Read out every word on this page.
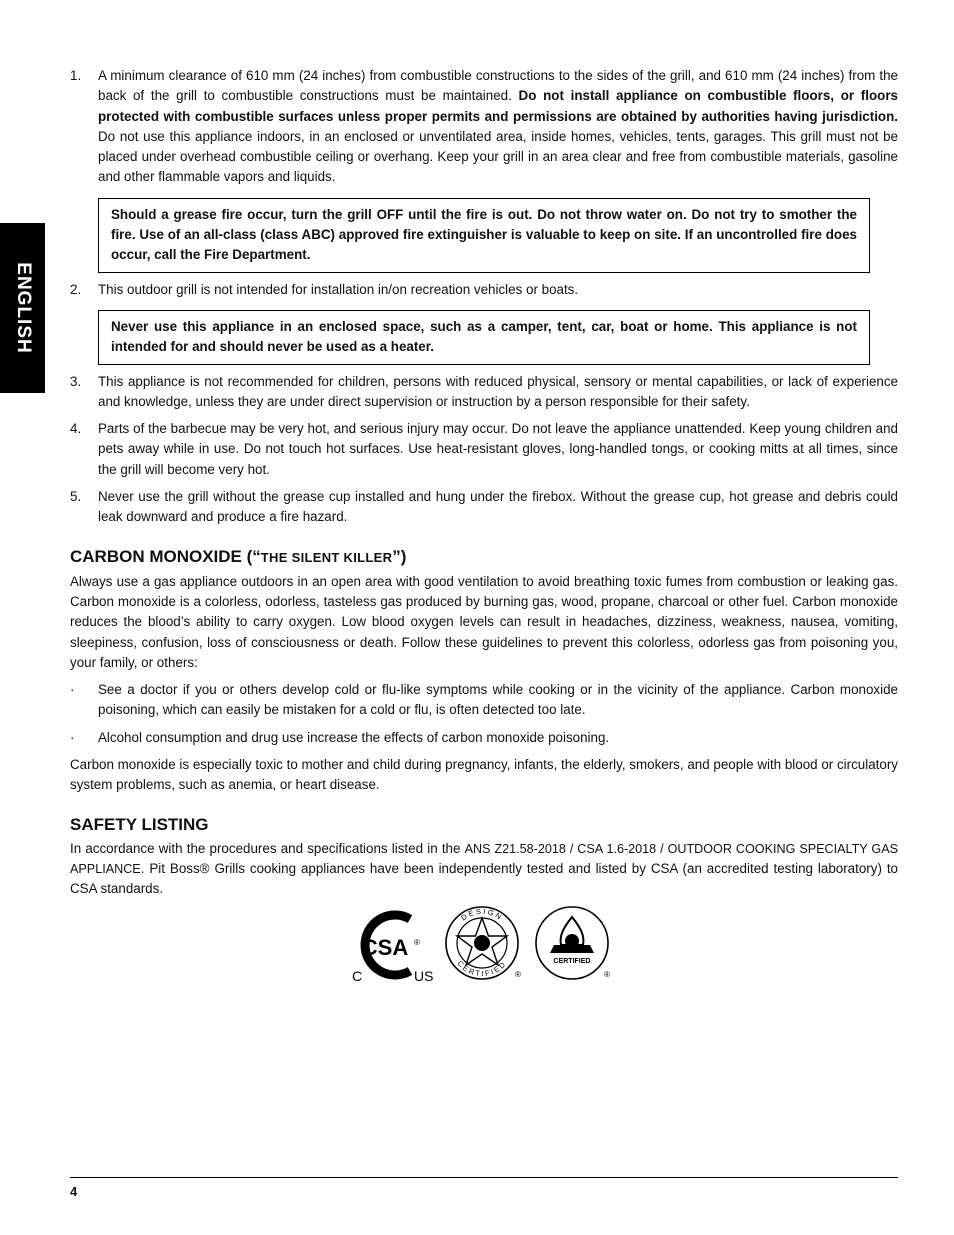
ENGLISH
1. A minimum clearance of 610 mm (24 inches) from combustible constructions to the sides of the grill, and 610 mm (24 inches) from the back of the grill to combustible constructions must be maintained. Do not install appliance on combustible floors, or floors protected with combustible surfaces unless proper permits and permissions are obtained by authorities having jurisdiction. Do not use this appliance indoors, in an enclosed or unventilated area, inside homes, vehicles, tents, garages. This grill must not be placed under overhead combustible ceiling or overhang. Keep your grill in an area clear and free from combustible materials, gasoline and other flammable vapors and liquids.
Should a grease fire occur, turn the grill OFF until the fire is out. Do not throw water on. Do not try to smother the fire. Use of an all-class (class ABC) approved fire extinguisher is valuable to keep on site. If an uncontrolled fire does occur, call the Fire Department.
2. This outdoor grill is not intended for installation in/on recreation vehicles or boats.
Never use this appliance in an enclosed space, such as a camper, tent, car, boat or home. This appliance is not intended for and should never be used as a heater.
3. This appliance is not recommended for children, persons with reduced physical, sensory or mental capabilities, or lack of experience and knowledge, unless they are under direct supervision or instruction by a person responsible for their safety.
4. Parts of the barbecue may be very hot, and serious injury may occur. Do not leave the appliance unattended. Keep young children and pets away while in use. Do not touch hot surfaces. Use heat-resistant gloves, long-handled tongs, or cooking mitts at all times, since the grill will become very hot.
5. Never use the grill without the grease cup installed and hung under the firebox. Without the grease cup, hot grease and debris could leak downward and produce a fire hazard.
CARBON MONOXIDE (“THE SILENT KILLER”)

Always use a gas appliance outdoors in an open area with good ventilation to avoid breathing toxic fumes from combustion or leaking gas. Carbon monoxide is a colorless, odorless, tasteless gas produced by burning gas, wood, propane, charcoal or other fuel. Carbon monoxide reduces the blood’s ability to carry oxygen. Low blood oxygen levels can result in headaches, dizziness, weakness, nausea, vomiting, sleepiness, confusion, loss of consciousness or death. Follow these guidelines to prevent this colorless, odorless gas from poisoning you, your family, or others:

· See a doctor if you or others develop cold or flu-like symptoms while cooking or in the vicinity of the appliance. Carbon monoxide poisoning, which can easily be mistaken for a cold or flu, is often detected too late.
· Alcohol consumption and drug use increase the effects of carbon monoxide poisoning.

Carbon monoxide is especially toxic to mother and child during pregnancy, infants, the elderly, smokers, and people with blood or circulatory system problems, such as anemia, or heart disease.

SAFETY LISTING

In accordance with the procedures and specifications listed in the ANS Z21.58-2018 / CSA 1.6-2018 / OUTDOOR COOKING SPECIALTY GAS APPLIANCE. Pit Boss® Grills cooking appliances have been independently tested and listed by CSA (an accredited testing laboratory) to CSA standards.

CSA ®
C	US
DESIGN
CERTIFIED
®
CERTIFIED
®
4
